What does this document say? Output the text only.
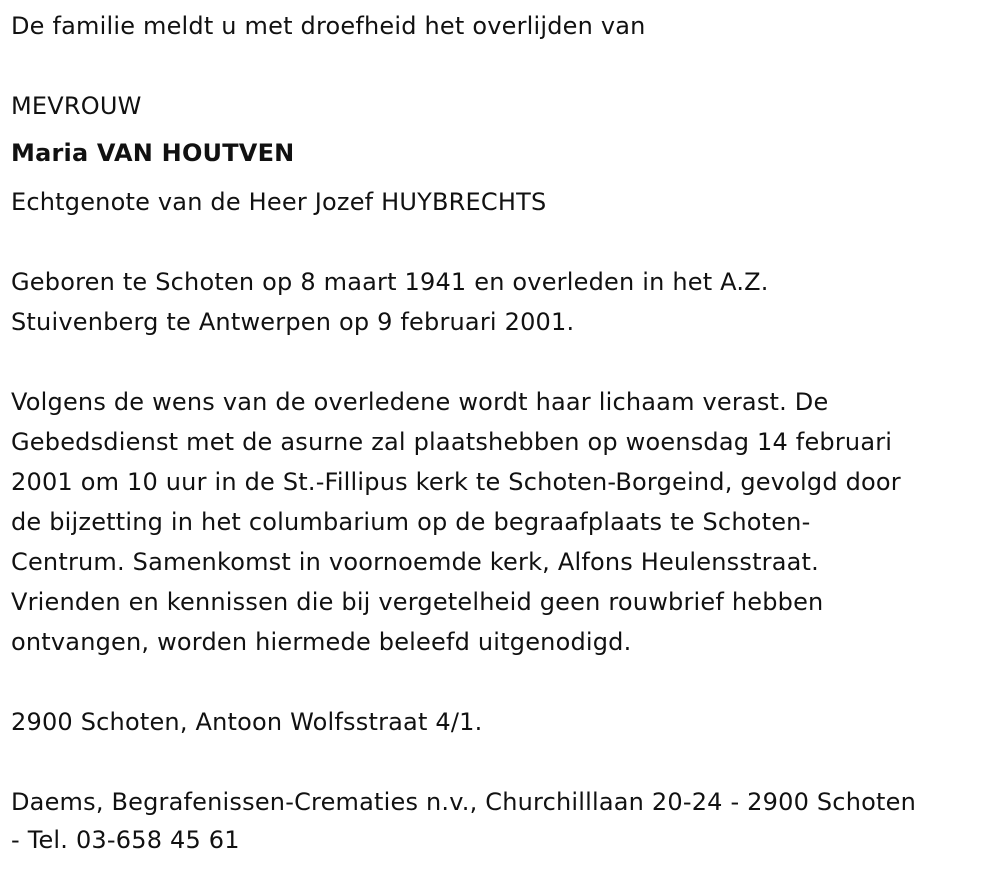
De familie meldt u met droefheid het overlijden van
MEVROUW
Maria VAN HOUTVEN
Echtgenote van de Heer Jozef HUYBRECHTS
Geboren te Schoten op 8 maart 1941 en overleden in het A.Z.
Stuivenberg te Antwerpen op 9 februari 2001.
Volgens de wens van de overledene wordt haar lichaam verast. De
Gebedsdienst met de asurne zal plaatshebben op woensdag 14 februari
2001 om 10 uur in de St.-Fillipus kerk te Schoten-Borgeind, gevolgd door
de bijzetting in het columbarium op de begraafplaats te Schoten-
Centrum. Samenkomst in voornoemde kerk, Alfons Heulensstraat.
Vrienden en kennissen die bij vergetelheid geen rouwbrief hebben
ontvangen, worden hiermede beleefd uitgenodigd.
2900 Schoten, Antoon Wolfsstraat 4/1.
Daems, Begrafenissen-Crematies n.v., Churchilllaan 20-24 - 2900 Schoten
- Tel. 03-658 45 61
